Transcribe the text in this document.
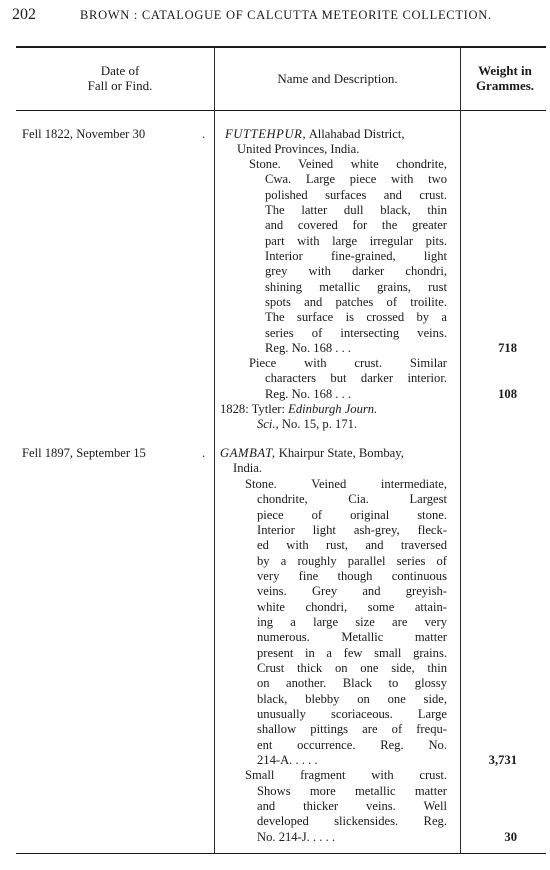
202	BROWN : CATALOGUE OF CALCUTTA METEORITE COLLECTION.
Date of
Fall or Find.	Name and Description.
Weight in
Grammes.
Fell 1822, November 30	. FUTTEHPUR, Allahabad District,
United Provinces, India.
Stone. Veined white chondrite,
Cwa. Large piece with two
polished surfaces and crust.
The latter dull black, thin
and covered for the greater
part with large irregular pits.
Interior fine-grained, light
grey with darker chondri,
shining metallic grains, rust
spots and patches of troilite.
The surface is crossed by a
series of intersecting veins.
Reg. No. 168 . . .	718
Piece with crust. Similar
characters but darker interior.
Reg. No. 168 . . .	108
1828: Tytler: Edinburgh Journ.
Sci., No. 15, p. 171.
Fell 1897, September 15	. GAMBAT, Khairpur State, Bombay,
India.
Stone. Veined intermediate,
chondrite, Cia. Largest
piece of original stone.
Interior light ash-grey, fleck-
ed with rust, and traversed
by a roughly parallel series of
very fine though continuous
veins. Grey and greyish-
white chondri, some attain-
ing a large size are very
numerous. Metallic matter
present in a few small grains.
Crust thick on one side, thin
on another. Black to glossy
black, blebby on one side,
unusually scoriaceous. Large
shallow pittings are of frequ-
ent occurrence. Reg. No.
214-A. . . . .	3,731
Small fragment with crust.
Shows more metallic matter
and thicker veins. Well
developed slickensides. Reg.
No. 214-J. . . . .	30
